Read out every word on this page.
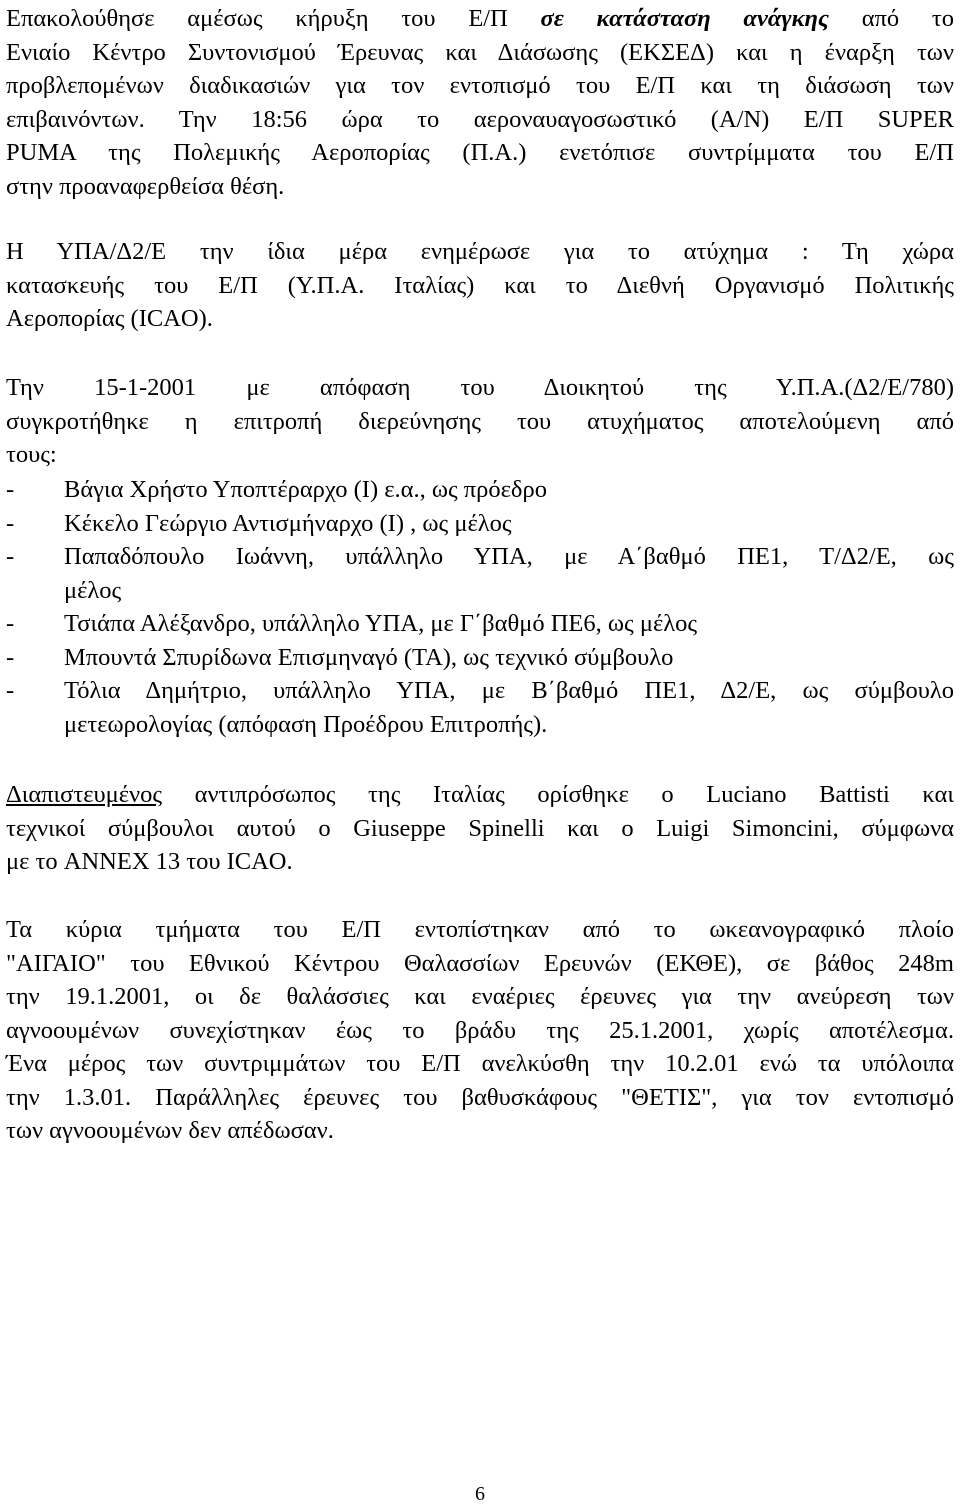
Επακολούθησε αμέσως κήρυξη του Ε/Π σε κατάσταση ανάγκης από το
Ενιαίο Κέντρο Συντονισμού Έρευνας και Διάσωσης (ΕΚΣΕΔ) και η έναρξη των
προβλεπομένων διαδικασιών για τον εντοπισμό του Ε/Π και τη διάσωση των
επιβαινόντων. Την 18:56 ώρα το αεροναυαγοσωστικό (Α/Ν) Ε/Π SUPER
PUMA της Πολεμικής Αεροπορίας (Π.Α.) ενετόπισε συντρίμματα του Ε/Π
στην προαναφερθείσα θέση.
Η ΥΠΑ/Δ2/Ε την ίδια μέρα ενημέρωσε για το ατύχημα : Τη χώρα
κατασκευής του Ε/Π (Υ.Π.Α. Ιταλίας) και το Διεθνή Οργανισμό Πολιτικής
Αεροπορίας (ICAO).
Την 15-1-2001 με απόφαση του Διοικητού της Υ.Π.Α.(Δ2/Ε/780)
συγκροτήθηκε η επιτροπή διερεύνησης του ατυχήματος αποτελούμενη από
τους:
- Βάγια Χρήστο Υποπτέραρχο (Ι) ε.α., ως πρόεδρο
- Κέκελο Γεώργιο Αντισμήναρχο (Ι) , ως μέλος
- Παπαδόπουλο Ιωάννη, υπάλληλο ΥΠΑ, με Α΄βαθμό ΠΕ1, Τ/Δ2/Ε, ως
μέλος
- Τσιάπα Αλέξανδρο, υπάλληλο ΥΠΑ, με Γ΄βαθμό ΠΕ6, ως μέλος
- Μπουντά Σπυρίδωνα Επισμηναγό (ΤΑ), ως τεχνικό σύμβουλο
- Τόλια Δημήτριο, υπάλληλο ΥΠΑ, με Β΄βαθμό ΠΕ1, Δ2/Ε, ως σύμβουλο
μετεωρολογίας (απόφαση Προέδρου Επιτροπής).
Διαπιστευμένος αντιπρόσωπος της Ιταλίας ορίσθηκε ο Luciano Battisti και
τεχνικοί σύμβουλοι αυτού ο Giuseppe Spinelli και ο Luigi Simoncini, σύμφωνα
με το ANNEX 13 του ICAO.
Τα κύρια τμήματα του Ε/Π εντοπίστηκαν από το ωκεανογραφικό πλοίο
"ΑΙΓΑΙΟ" του Εθνικού Κέντρου Θαλασσίων Ερευνών (ΕΚΘΕ), σε βάθος 248m
την 19.1.2001, οι δε θαλάσσιες και εναέριες έρευνες για την ανεύρεση των
αγνοουμένων συνεχίστηκαν έως το βράδυ της 25.1.2001, χωρίς αποτέλεσμα.
Ένα μέρος των συντριμμάτων του Ε/Π ανελκύσθη την 10.2.01 ενώ τα υπόλοιπα
την 1.3.01. Παράλληλες έρευνες του βαθυσκάφους "ΘΕΤΙΣ", για τον εντοπισμό
των αγνοουμένων δεν απέδωσαν.
6
